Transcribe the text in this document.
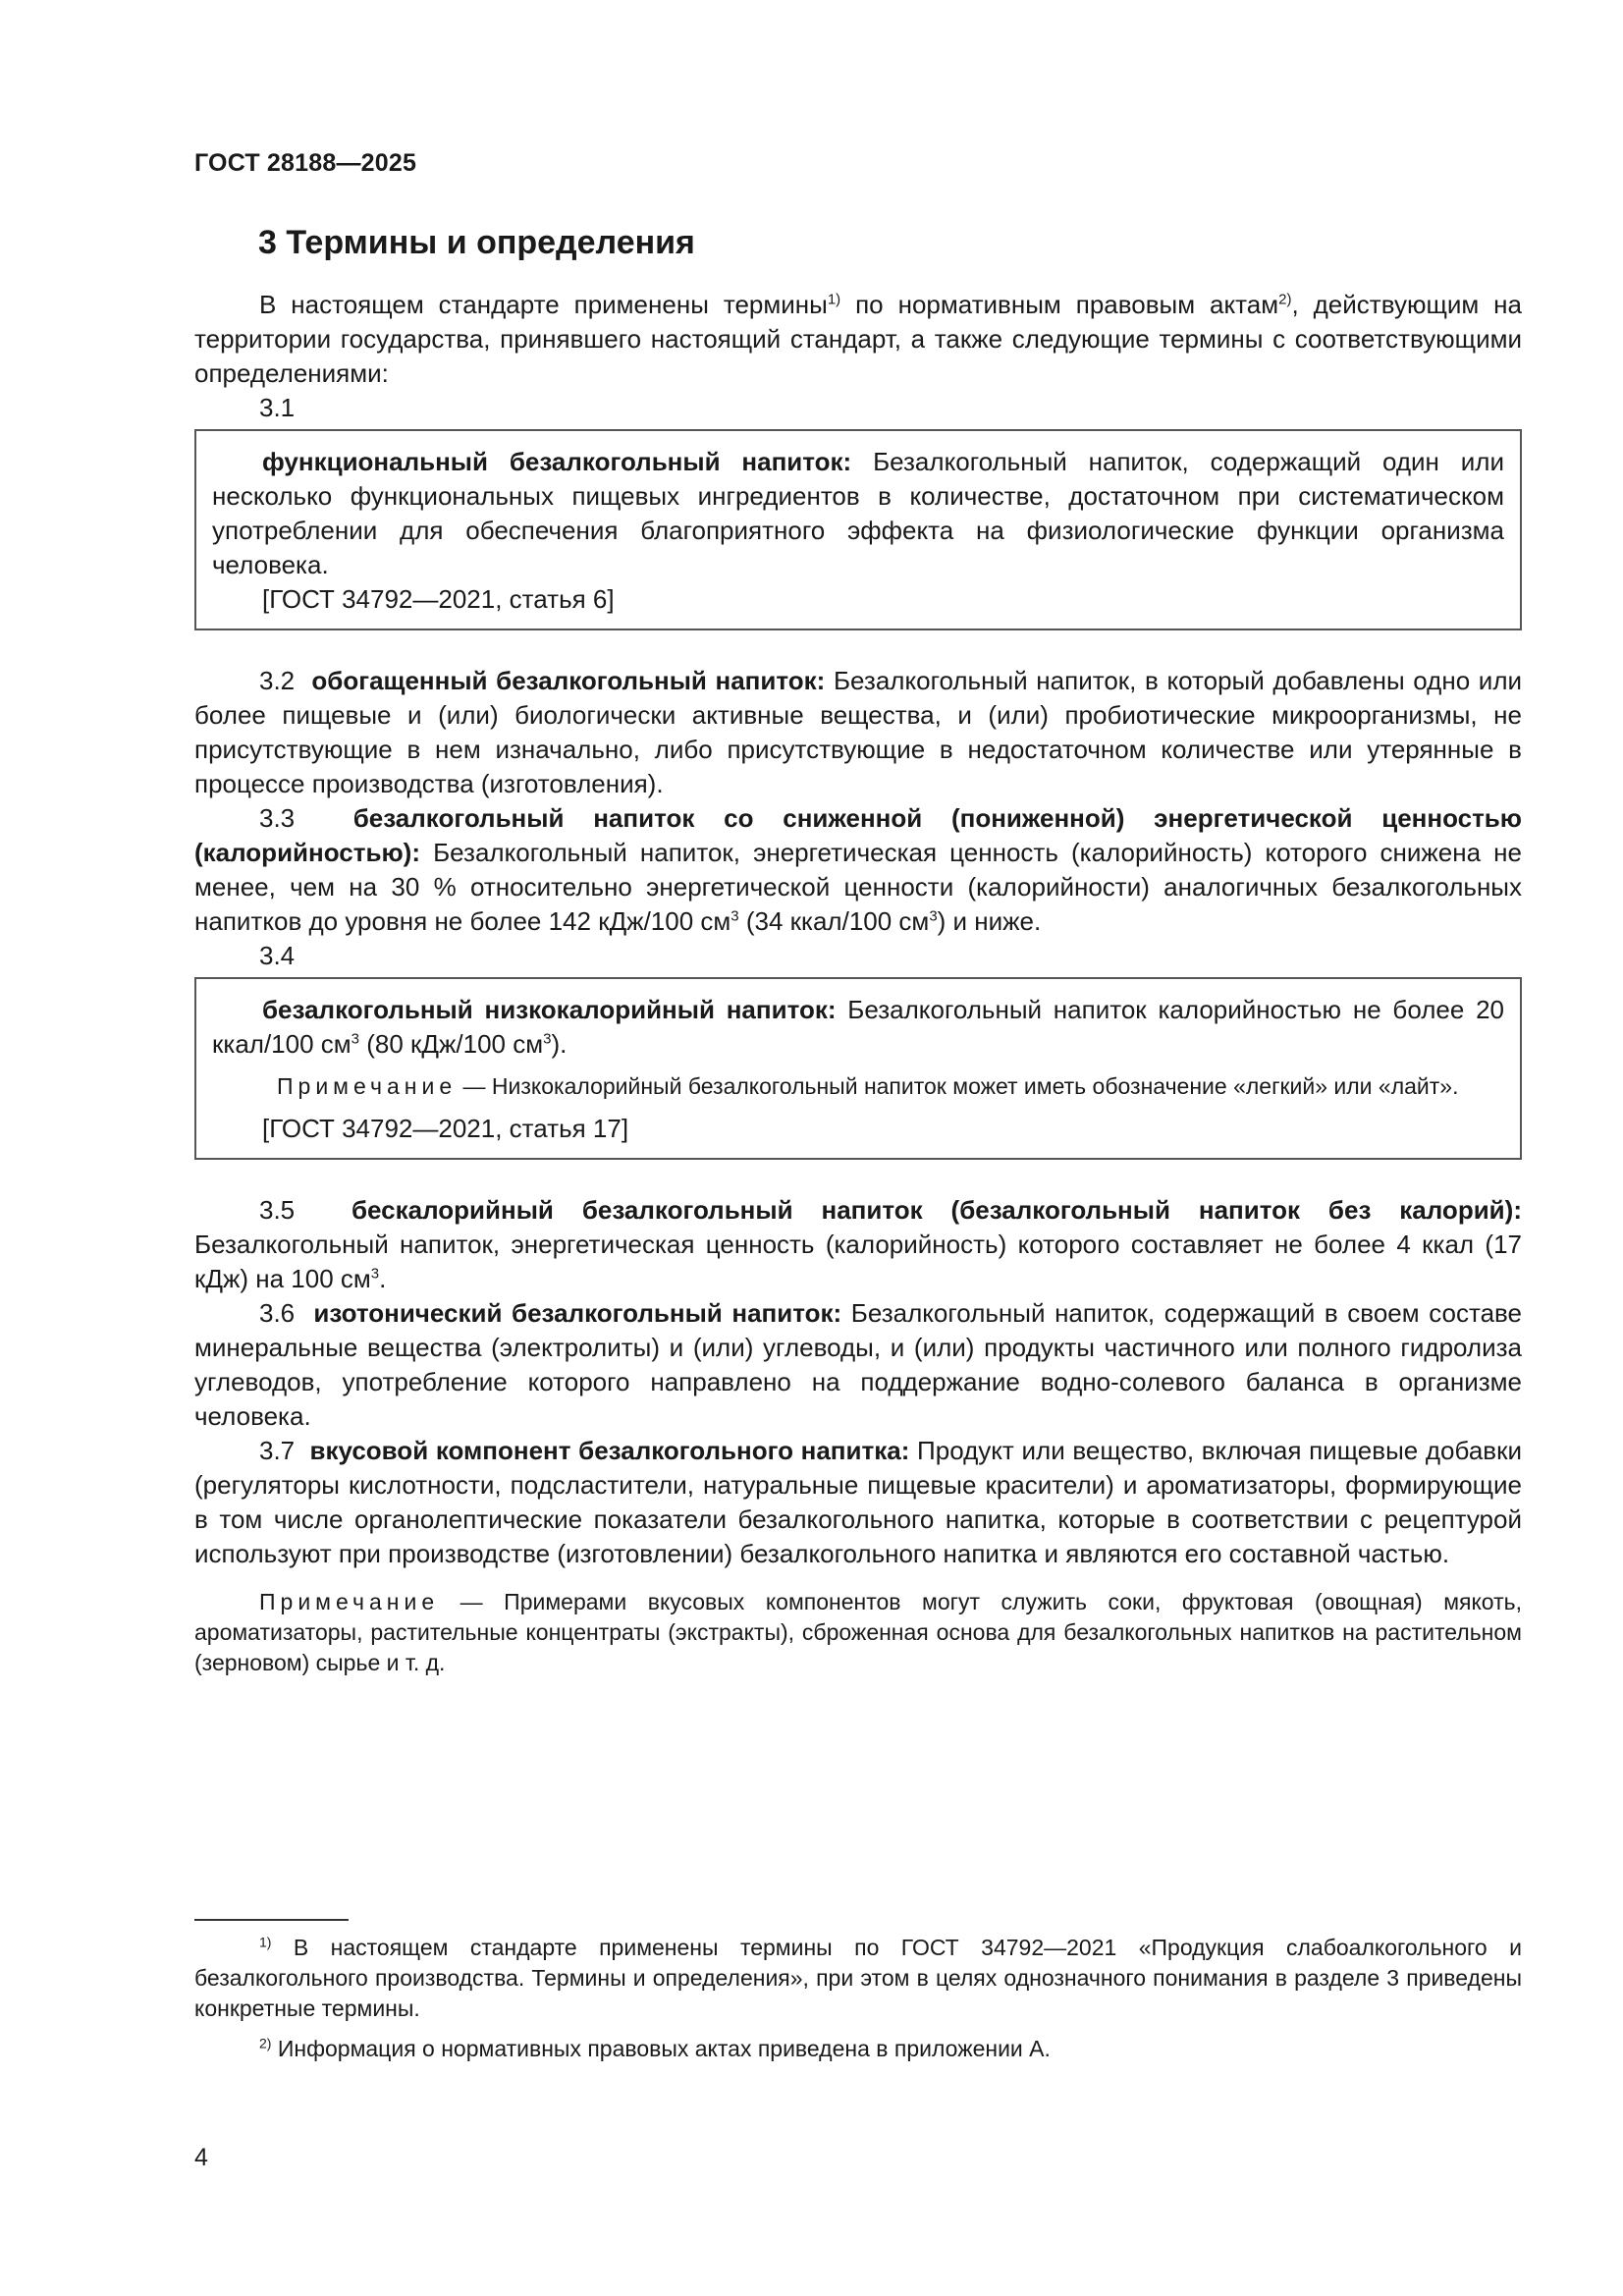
ГОСТ 28188—2025
3 Термины и определения

В настоящем стандарте применены термины$^{1)}$ по нормативным правовым актам$^{2)}$, действующим на территории государства, принявшего настоящий стандарт, а также следующие термины с соответствующими определениями:

3.1

функциональный безалкогольный напиток: Безалкогольный напиток, содержащий один или несколько функциональных пищевых ингредиентов в количестве, достаточном при систематическом употреблении для обеспечения благоприятного эффекта на физиологические функции организма человека.

[ГОСТ 34792—2021, статья 6]

3.2 обогащенный безалкогольный напиток: Безалкогольный напиток, в который добавлены одно или более пищевые и (или) биологически активные вещества, и (или) пробиотические микроорганизмы, не присутствующие в нем изначально, либо присутствующие в недостаточном количестве или утерянные в процессе производства (изготовления).

3.3 безалкогольный напиток со сниженной (пониженной) энергетической ценностью (калорийностью): Безалкогольный напиток, энергетическая ценность (калорийность) которого снижена не менее, чем на 30 % относительно энергетической ценности (калорийности) аналогичных безалкогольных напитков до уровня не более 142 кДж/100 $см^3$ (34 ккал/100 $см^3$) и ниже.

3.4

безалкогольный низкокалорийный напиток: Безалкогольный напиток калорийностью не более 20 ккал/100 $см^3$ (80 кДж/100 $см^3$).

Примечание — Низкокалорийный безалкогольный напиток может иметь обозначение «легкий» или «лайт».

[ГОСТ 34792—2021, статья 17]

3.5 бескалорийный безалкогольный напиток (безалкогольный напиток без калорий): Безалкогольный напиток, энергетическая ценность (калорийность) которого составляет не более 4 ккал (17 кДж) на 100 $см^3$.

3.6 изотонический безалкогольный напиток: Безалкогольный напиток, содержащий в своем составе минеральные вещества (электролиты) и (или) углеводы, и (или) продукты частичного или полного гидролиза углеводов, употребление которого направлено на поддержание водно-солевого баланса в организме человека.

3.7 вкусовой компонент безалкогольного напитка: Продукт или вещество, включая пищевые добавки (регуляторы кислотности, подсластители, натуральные пищевые красители) и ароматизаторы, формирующие в том числе органолептические показатели безалкогольного напитка, которые в соответствии с рецептурой используют при производстве (изготовлении) безалкогольного напитка и являются его составной частью.

Примечание — Примерами вкусовых компонентов могут служить соки, фруктовая (овощная) мякоть, ароматизаторы, растительные концентраты (экстракты), сброженная основа для безалкогольных напитков на растительном (зерновом) сырье и т. д.

$^{1)}$ В настоящем стандарте применены термины по ГОСТ 34792—2021 «Продукция слабоалкогольного и безалкогольного производства. Термины и определения», при этом в целях однозначного понимания в разделе 3 приведены конкретные термины.

$^{2)}$ Информация о нормативных правовых актах приведена в приложении А.

4
